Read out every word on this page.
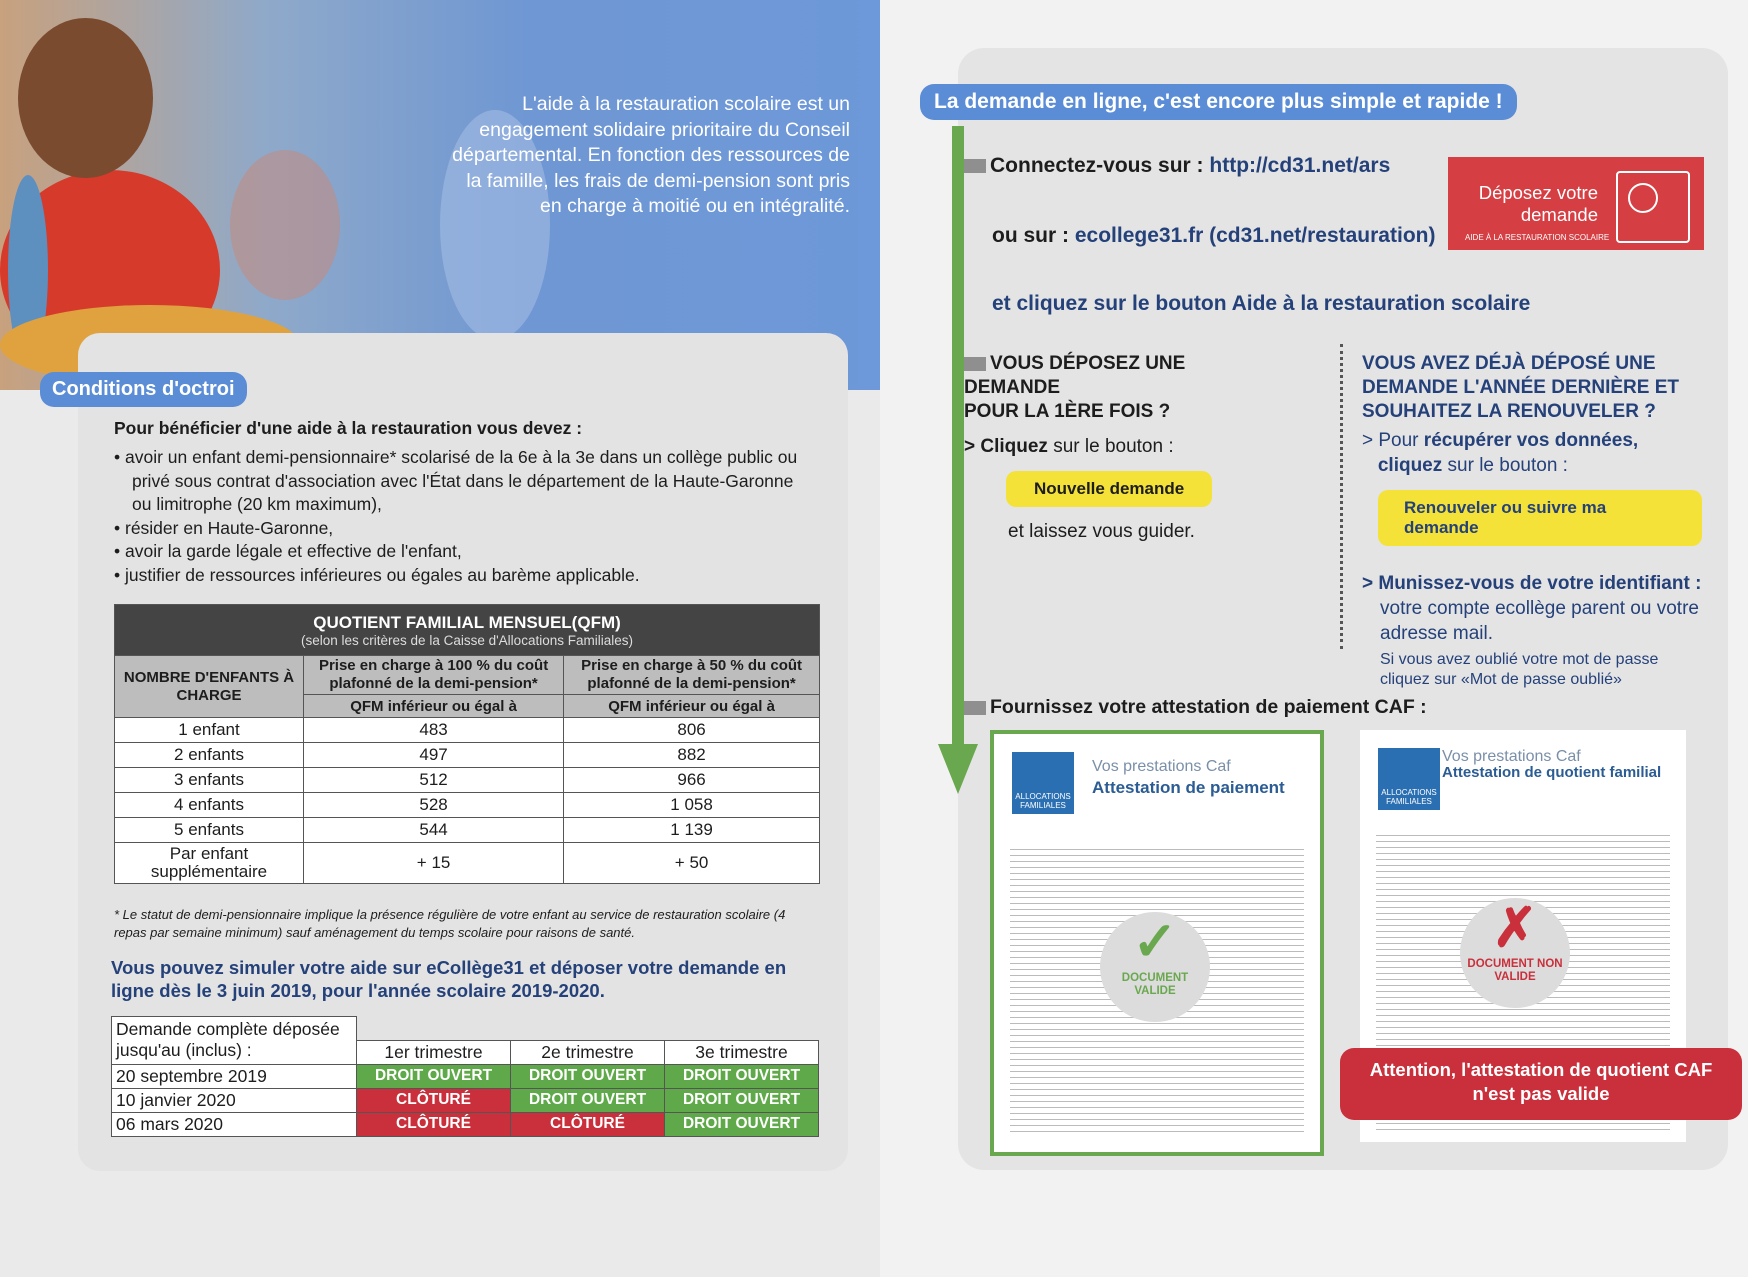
L'aide à la restauration scolaire est un engagement solidaire prioritaire du Conseil départemental. En fonction des ressources de la famille, les frais de demi-pension sont pris en charge à moitié ou en intégralité.
Conditions d'octroi
Pour bénéficier d'une aide à la restauration vous devez :
• avoir un enfant demi-pensionnaire* scolarisé de la 6e à la 3e dans un collège public ou privé sous contrat d'association avec l'État dans le département de la Haute-Garonne ou limitrophe (20 km maximum),
• résider en Haute-Garonne,
• avoir la garde légale et effective de l'enfant,
• justifier de ressources inférieures ou égales au barème applicable.
QUOTIENT FAMILIAL MENSUEL(QFM)
(selon les critères de la Caisse d'Allocations Familiales)		

NOMBRE D'ENFANTS À CHARGE	Prise en charge à 100 % du coût plafonné de la demi-pension*	Prise en charge à 50 % du coût plafonné de la demi-pension*
	QFM inférieur ou égal à	QFM inférieur ou égal à
1 enfant	483	806
2 enfants	497	882
3 enfants	512	966
4 enfants	528	1 058
5 enfants	544	1 139
Par enfant supplémentaire	+ 15	+ 50
* Le statut de demi-pensionnaire implique la présence régulière de votre enfant au service de restauration scolaire (4 repas par semaine minimum) sauf aménagement du temps scolaire pour raisons de santé.
Vous pouvez simuler votre aide sur eCollège31 et déposer votre demande en ligne dès le 3 juin 2019, pour l'année scolaire 2019-2020.
Demande complète déposée jusqu'au (inclus) :			
	1er trimestre	2e trimestre	3e trimestre
20 septembre 2019	DROIT OUVERT	DROIT OUVERT	DROIT OUVERT
10 janvier 2020	CLÔTURÉ	DROIT OUVERT	DROIT OUVERT
06 mars 2020	CLÔTURÉ	CLÔTURÉ	DROIT OUVERT
La demande en ligne, c'est encore plus simple et rapide !
Connectez-vous sur : http://cd31.net/ars
ou sur : ecollege31.fr (cd31.net/restauration)
et cliquez sur le bouton Aide à la restauration scolaire
Déposez votre demande
AIDE À LA RESTAURATION SCOLAIRE
VOUS DÉPOSEZ UNE DEMANDE
POUR LA 1ÈRE FOIS ?
> Cliquez sur le bouton :
Nouvelle demande
et laissez vous guider.
VOUS AVEZ DÉJÀ DÉPOSÉ UNE DEMANDE L'ANNÉE DERNIÈRE ET SOUHAITEZ LA RENOUVELER ?
> Pour récupérer vos données,
cliquez sur le bouton :
Renouveler ou suivre ma demande
> Munissez-vous de votre identifiant :
votre compte ecollège parent ou votre adresse mail.
Si vous avez oublié votre mot de passe cliquez sur «Mot de passe oublié»
Fournissez votre attestation de paiement CAF :
ALLOCATIONS FAMILIALES
Vos prestations Caf
Attestation de paiement
✓
DOCUMENT VALIDE
ALLOCATIONS FAMILIALES
Vos prestations Caf
Attestation de quotient familial
✗
DOCUMENT NON VALIDE
Attention, l'attestation de quotient CAF n'est pas valide
